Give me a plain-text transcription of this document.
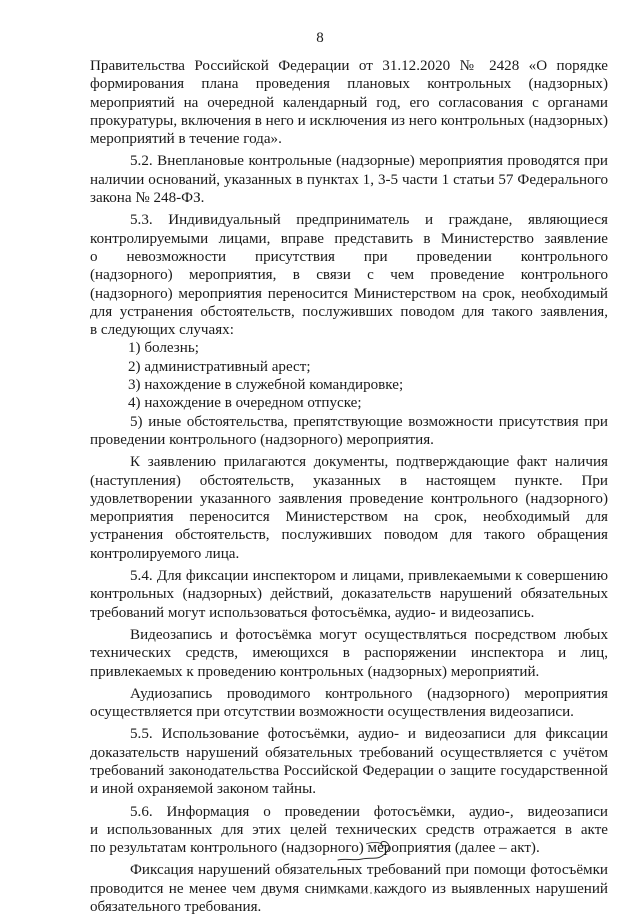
8
Правительства Российской Федерации от 31.12.2020 № 2428 «О порядке
формирования плана проведения плановых контрольных (надзорных)
мероприятий на очередной календарный год, его согласования с органами
прокуратуры, включения в него и исключения из него контрольных (надзорных)
мероприятий в течение года».
5.2. Внеплановые контрольные (надзорные) мероприятия проводятся при
наличии оснований, указанных в пунктах 1, 3-5 части 1 статьи 57 Федерального
закона № 248-ФЗ.
5.3. Индивидуальный предприниматель и граждане, являющиеся
контролируемыми лицами, вправе представить в Министерство заявление
о невозможности присутствия при проведении контрольного
(надзорного) мероприятия, в связи с чем проведение контрольного
(надзорного) мероприятия переносится Министерством на срок, необходимый
для устранения обстоятельств, послуживших поводом для такого заявления,
в следующих случаях:
1) болезнь;
2) административный арест;
3) нахождение в служебной командировке;
4) нахождение в очередном отпуске;
5) иные обстоятельства, препятствующие возможности присутствия при
проведении контрольного (надзорного) мероприятия.
К заявлению прилагаются документы, подтверждающие факт наличия
(наступления) обстоятельств, указанных в настоящем пункте. При
удовлетворении указанного заявления проведение контрольного (надзорного)
мероприятия переносится Министерством на срок, необходимый для
устранения обстоятельств, послуживших поводом для такого обращения
контролируемого лица.
5.4. Для фиксации инспектором и лицами, привлекаемыми к совершению
контрольных (надзорных) действий, доказательств нарушений обязательных
требований могут использоваться фотосъёмка, аудио- и видеозапись.
Видеозапись и фотосъёмка могут осуществляться посредством любых
технических средств, имеющихся в распоряжении инспектора и лиц,
привлекаемых к проведению контрольных (надзорных) мероприятий.
Аудиозапись проводимого контрольного (надзорного) мероприятия
осуществляется при отсутствии возможности осуществления видеозаписи.
5.5. Использование фотосъёмки, аудио- и видеозаписи для фиксации
доказательств нарушений обязательных требований осуществляется с учётом
требований законодательства Российской Федерации о защите государственной
и иной охраняемой законом тайны.
5.6. Информация о проведении фотосъёмки, аудио-, видеозаписи
и использованных для этих целей технических средств отражается в акте
по результатам контрольного (надзорного) мероприятия (далее – акт).
Фиксация нарушений обязательных требований при помощи фотосъёмки
проводится не менее чем двумя снимками каждого из выявленных нарушений
обязательного требования.
